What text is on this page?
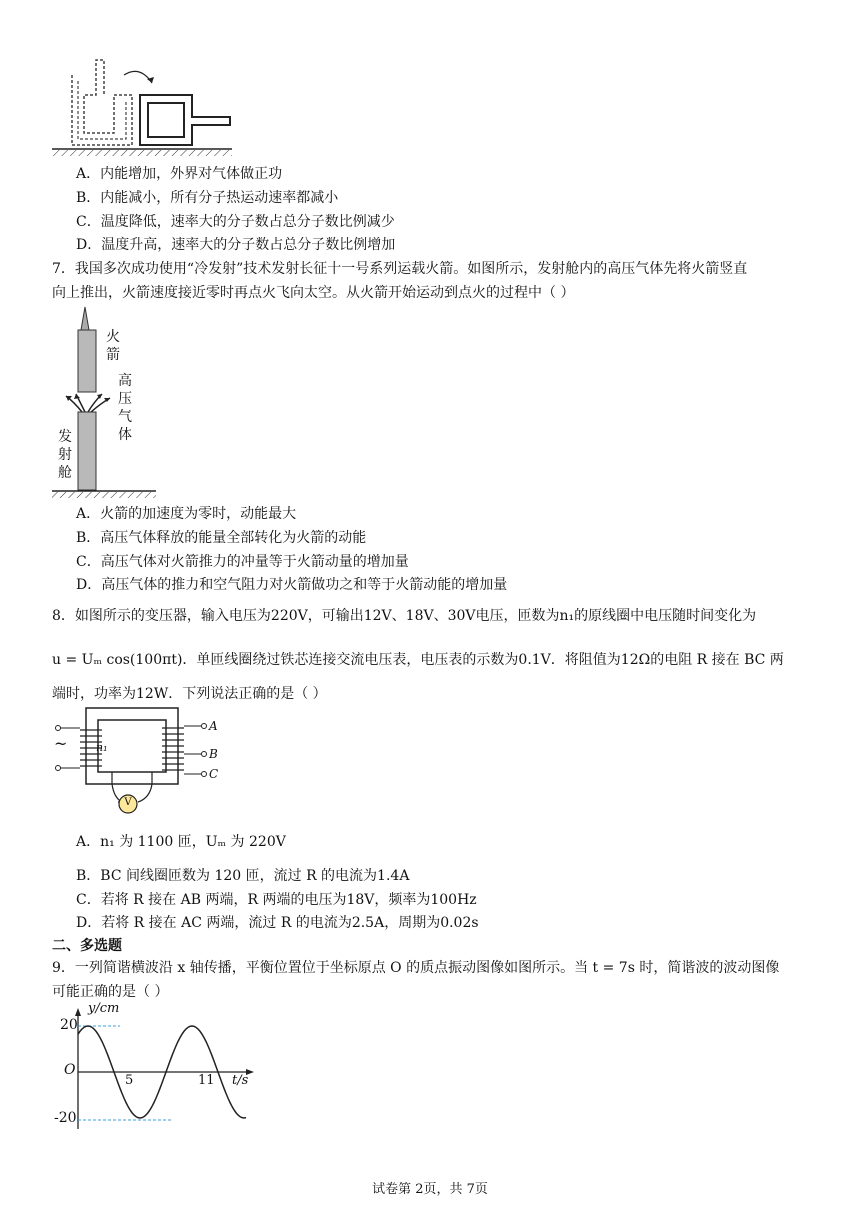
A．内能增加，外界对气体做正功
B．内能减小，所有分子热运动速率都减小
C．温度降低，速率大的分子数占总分子数比例减少
D．温度升高，速率大的分子数占总分子数比例增加
7．我国多次成功使用“冷发射”技术发射长征十一号系列运载火箭。如图所示，发射舱内的高压气体先将火箭竖直
向上推出，火箭速度接近零时再点火飞向太空。从火箭开始运动到点火的过程中（ ）
火箭
高压气体
发射舱
A．火箭的加速度为零时，动能最大
B．高压气体释放的能量全部转化为火箭的动能
C．高压气体对火箭推力的冲量等于火箭动量的增加量
D．高压气体的推力和空气阻力对火箭做功之和等于火箭动能的增加量
8．如图所示的变压器，输入电压为220V，可输出12V、18V、30V电压，匝数为n₁的原线圈中电压随时间变化为
u = Uₘ cos(100πt)．单匝线圈绕过铁芯连接交流电压表，电压表的示数为0.1V．将阻值为12Ω的电阻 R 接在 BC 两
端时，功率为12W．下列说法正确的是（ ）
~	n₁
A
B
C
V
A．n₁ 为 1100 匝，Uₘ 为 220V
B．BC 间线圈匝数为 120 匝，流过 R 的电流为1.4A
C．若将 R 接在 AB 两端，R 两端的电压为18V，频率为100Hz
D．若将 R 接在 AC 两端，流过 R 的电流为2.5A，周期为0.02s
二、多选题
9．一列简谐横波沿 x 轴传播，平衡位置位于坐标原点 O 的质点振动图像如图所示。当 t = 7s 时，简谐波的波动图像
可能正确的是（ ）
y/cm
20
O
5	11 t/s
-20
试卷第 2页，共 7页
